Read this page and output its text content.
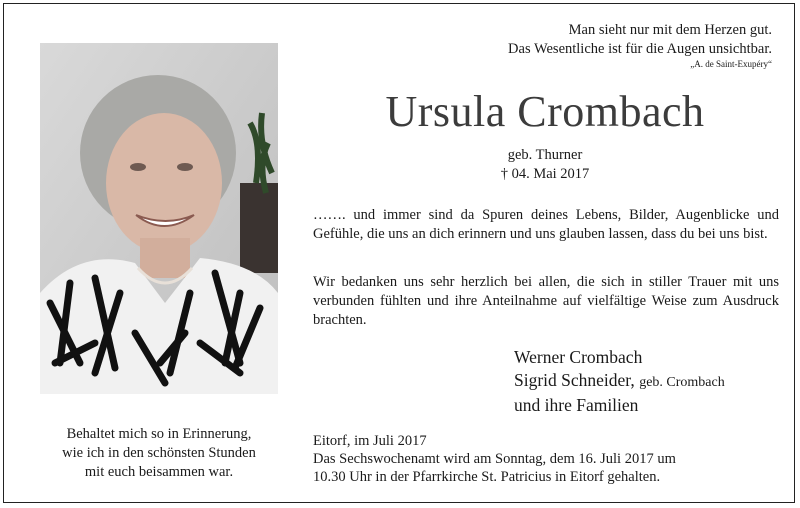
Behaltet mich so in Erinnerung,
wie ich in den schönsten Stunden
mit euch beisammen war.
Man sieht nur mit dem Herzen gut.
Das Wesentliche ist für die Augen unsichtbar.
„A. de Saint-Exupéry“
Ursula Crombach
geb. Thurner
† 04. Mai 2017
……. und immer sind da Spuren deines Lebens, Bilder, Augenblicke und Gefühle, die uns an dich erinnern und uns glauben lassen, dass du bei uns bist.
Wir bedanken uns sehr herzlich bei allen, die sich in stiller Trauer mit uns verbunden fühlten und ihre Anteilnahme auf vielfältige Weise zum Ausdruck brachten.
Werner Crombach
Sigrid Schneider, geb. Crombach
und ihre Familien
Eitorf, im Juli 2017
Das Sechswochenamt wird am Sonntag, dem 16. Juli 2017 um
10.30 Uhr in der Pfarrkirche St. Patricius in Eitorf gehalten.
